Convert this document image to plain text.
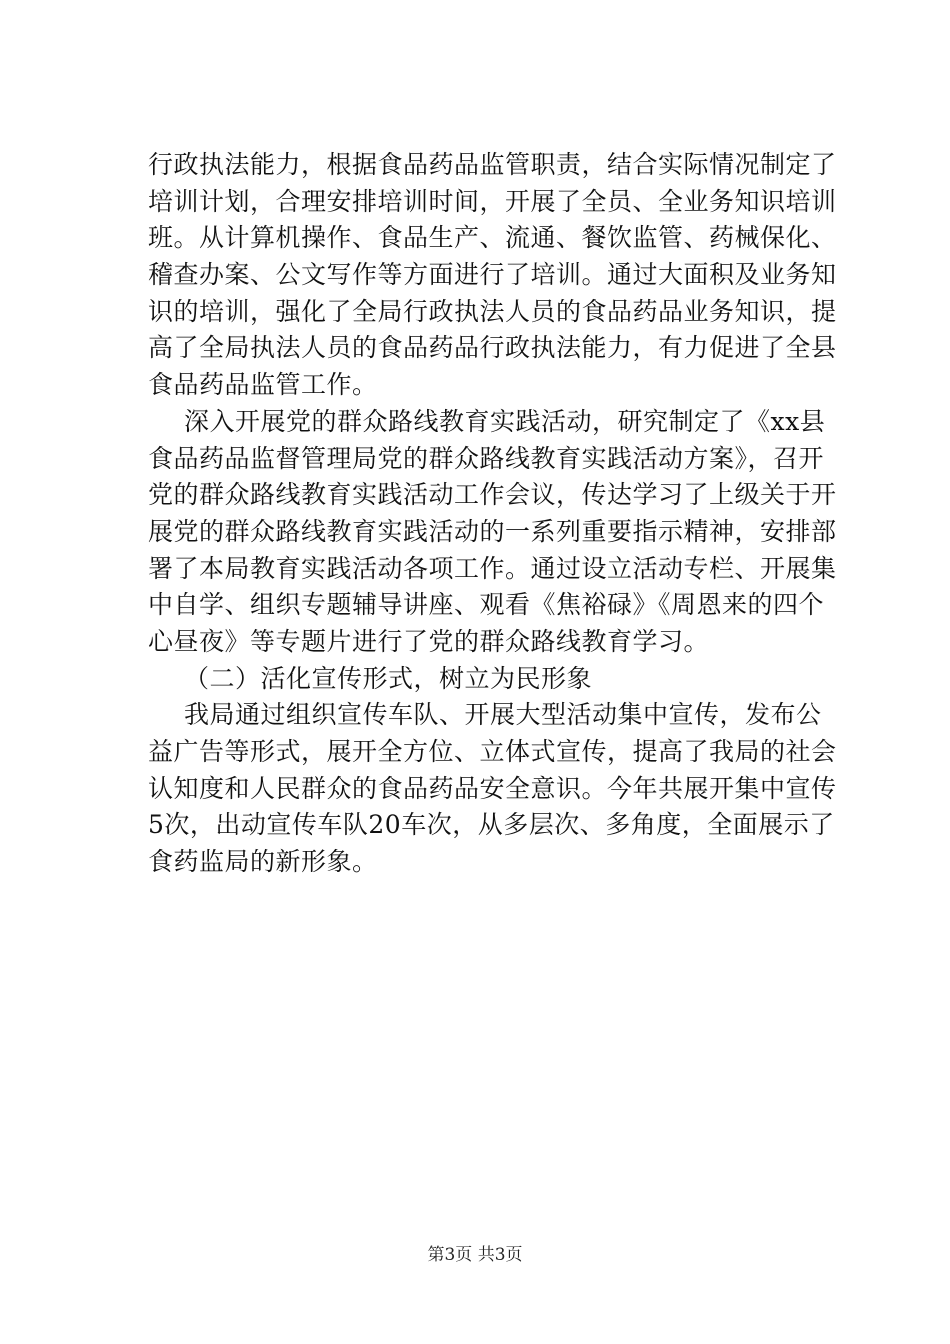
行政执法能力，根据食品药品监管职责，结合实际情况制定了
培训计划，合理安排培训时间，开展了全员、全业务知识培训
班。从计算机操作、食品生产、流通、餐饮监管、药械保化、
稽查办案、公文写作等方面进行了培训。通过大面积及业务知
识的培训，强化了全局行政执法人员的食品药品业务知识，提
高了全局执法人员的食品药品行政执法能力，有力促进了全县
食品药品监管工作。
深入开展党的群众路线教育实践活动，研究制定了《xx县
食品药品监督管理局党的群众路线教育实践活动方案》，召开
党的群众路线教育实践活动工作会议，传达学习了上级关于开
展党的群众路线教育实践活动的一系列重要指示精神，安排部
署了本局教育实践活动各项工作。通过设立活动专栏、开展集
中自学、组织专题辅导讲座、观看《焦裕碌》《周恩来的四个
心昼夜》等专题片进行了党的群众路线教育学习。
（二）活化宣传形式，树立为民形象
我局通过组织宣传车队、开展大型活动集中宣传，发布公
益广告等形式，展开全方位、立体式宣传，提高了我局的社会
认知度和人民群众的食品药品安全意识。今年共展开集中宣传
5次，出动宣传车队20车次，从多层次、多角度，全面展示了
食药监局的新形象。
第3页 共3页
